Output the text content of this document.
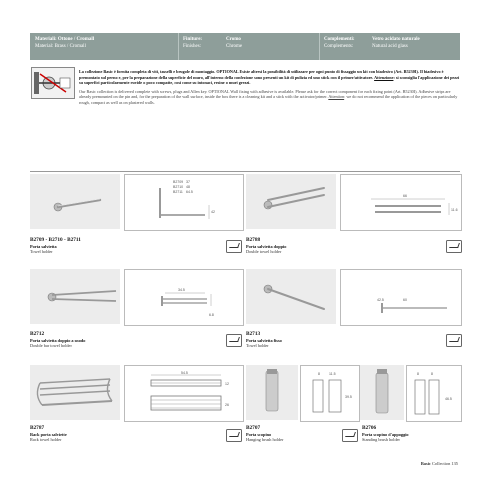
Materiali: Ottone / Cromall
Material: Brass / Cromall
Finiture:
Finishes:
Cromo
Chrome
Complementi:
Complements:
Vetro acidato naturale
Natural acid glass
La collezione Basic è fornita completa di viti, tasselli e brugole di montaggio. OPTIONAL Esiste altresì la possibilità di utilizzare per ogni punto di fissaggio un kit con biadesivo (Art. B5230I). Il biadesivo è premontato sul perno e, per la preparazione della superficie del muro, all'interno della confezione sono presenti un kit di pulizia ed uno stick con il primer/attivatore. Attenzione: si sconsiglia l'applicazione dei pezzi su superfici particolarmente ruvide o poco compatte, così come su intonaci, resine o muri grezzi.
Our Basic collection is delivered complete with screws, plugs and Allen key. OPTIONAL Wall fixing with adhesive is available. Please ask for the correct component for each fixing point (Art. B5230I). Adhesive strips are already premounted on the pin and, for the preparation of the wall surface, inside the box there is a cleaning kit and a stick with the activator/primer. Attention: we do not recommend the application of the pieces on particularly rough, compact as well as on plastered walls.
B2709
B2710
B2711
37
48
64.5
42
66
11.6
B2709 - B2710 - B2711
Porta salvietta
Towel holder
B2788
Porta salvietta doppio
Double towel holder
34.5
6.8
42.5	60
B2712
Porta salvietta doppio a snodo
Double bar towel holder
B2713
Porta salvietta fisso
Towel holder
54.5
12
26
8	11.5
39.5
8	8
46.5
B2787
Rack porta salviette
Rack towel holder
B2707
Porta scopino
Hanging brush holder
B2706
Porta scopino d'appoggio
Standing brush holder
Basic Collection 135
